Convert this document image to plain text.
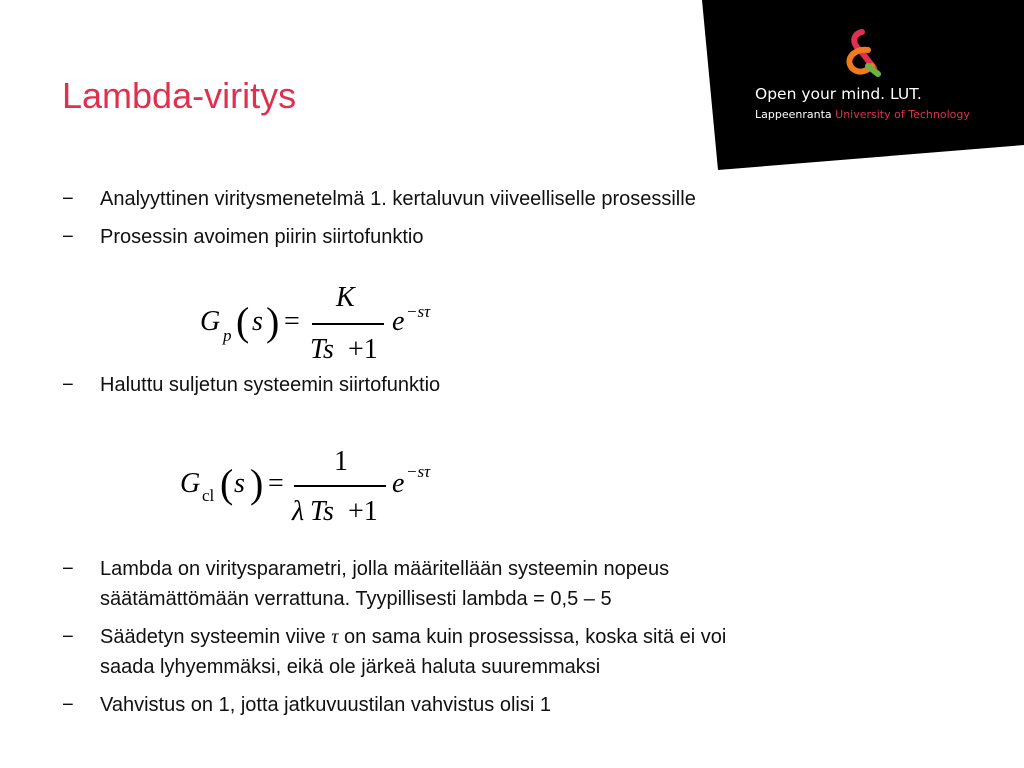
Open your mind. LUT.
Lappeenranta University of Technology
Lambda-viritys
−	Analyyttinen viritysmenetelmä 1. kertaluvun viiveelliselle prosessille
−	Prosessin avoimen piirin siirtofunktio
G p ( s ) =
K
Ts +1
e −sτ
−	Haluttu suljetun systeemin siirtofunktio
G cl ( s ) =
1
λ Ts +1
e −sτ
−	Lambda on viritysparametri, jolla määritellään systeemin nopeus
säätämättömään verrattuna. Tyypillisesti lambda = 0,5 – 5
−	Säädetyn systeemin viive τ on sama kuin prosessissa, koska sitä ei voi
saada lyhyemmäksi, eikä ole järkeä haluta suuremmaksi
−	Vahvistus on 1, jotta jatkuvuustilan vahvistus olisi 1
